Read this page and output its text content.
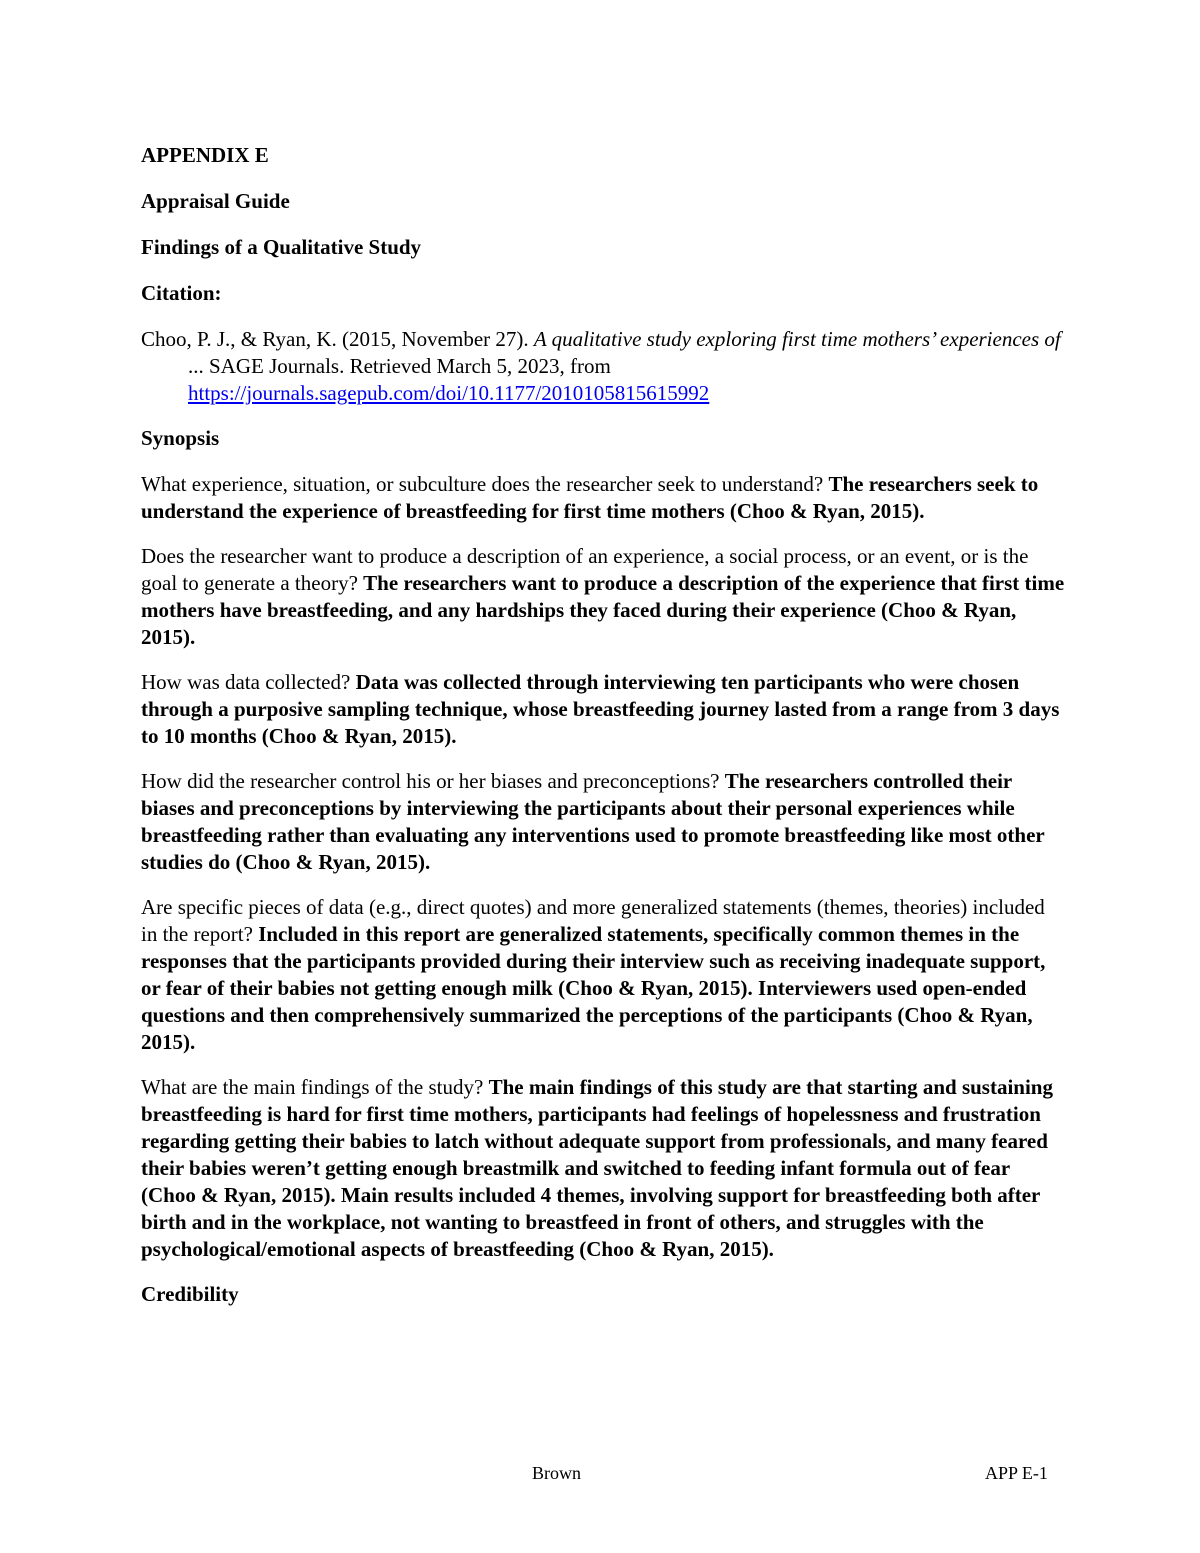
APPENDIX E

Appraisal Guide

Findings of a Qualitative Study

Citation:

Choo, P. J., & Ryan, K. (2015, November 27). A qualitative study exploring first time mothers’ experiences of ... SAGE Journals. Retrieved March 5, 2023, from
https://journals.sagepub.com/doi/10.1177/2010105815615992

Synopsis

What experience, situation, or subculture does the researcher seek to understand? The researchers seek to understand the experience of breastfeeding for first time mothers (Choo & Ryan, 2015).

Does the researcher want to produce a description of an experience, a social process, or an event, or is the goal to generate a theory? The researchers want to produce a description of the experience that first time mothers have breastfeeding, and any hardships they faced during their experience (Choo & Ryan, 2015).

How was data collected? Data was collected through interviewing ten participants who were chosen through a purposive sampling technique, whose breastfeeding journey lasted from a range from 3 days to 10 months (Choo & Ryan, 2015).

How did the researcher control his or her biases and preconceptions? The researchers controlled their biases and preconceptions by interviewing the participants about their personal experiences while breastfeeding rather than evaluating any interventions used to promote breastfeeding like most other studies do (Choo & Ryan, 2015).

Are specific pieces of data (e.g., direct quotes) and more generalized statements (themes, theories) included in the report? Included in this report are generalized statements, specifically common themes in the responses that the participants provided during their interview such as receiving inadequate support, or fear of their babies not getting enough milk (Choo & Ryan, 2015). Interviewers used open-ended questions and then comprehensively summarized the perceptions of the participants (Choo & Ryan, 2015).

What are the main findings of the study? The main findings of this study are that starting and sustaining breastfeeding is hard for first time mothers, participants had feelings of hopelessness and frustration regarding getting their babies to latch without adequate support from professionals, and many feared their babies weren’t getting enough breastmilk and switched to feeding infant formula out of fear (Choo & Ryan, 2015). Main results included 4 themes, involving support for breastfeeding both after birth and in the workplace, not wanting to breastfeed in front of others, and struggles with the psychological/emotional aspects of breastfeeding (Choo & Ryan, 2015).

Credibility

Brown	APP E-1
